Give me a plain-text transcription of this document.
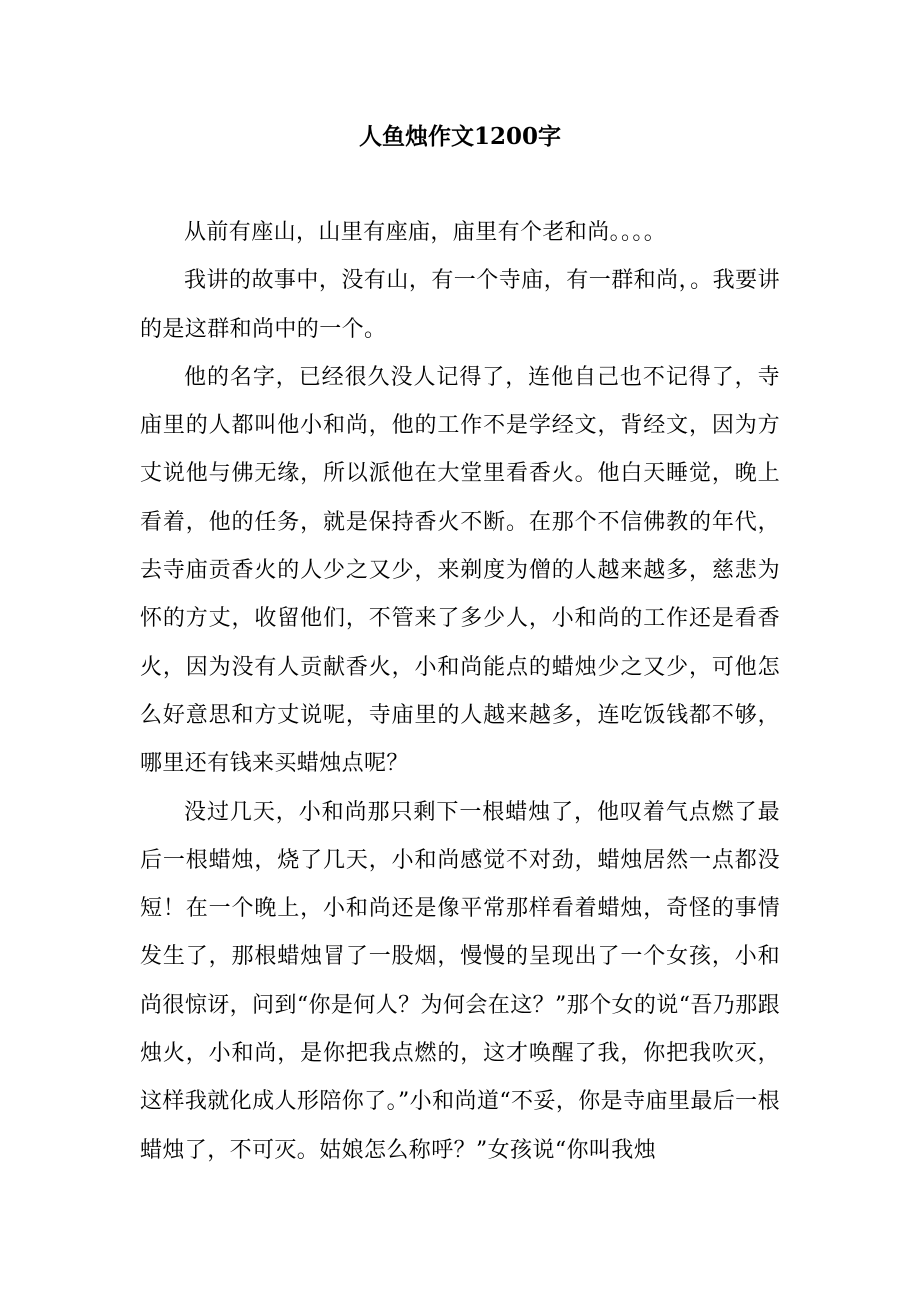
人鱼烛作文1200字

从前有座山，山里有座庙，庙里有个老和尚。。。。

我讲的故事中，没有山，有一个寺庙，有一群和尚，。我要讲的是这群和尚中的一个。

他的名字，已经很久没人记得了，连他自己也不记得了，寺庙里的人都叫他小和尚，他的工作不是学经文，背经文，因为方丈说他与佛无缘，所以派他在大堂里看香火。他白天睡觉，晚上看着，他的任务，就是保持香火不断。在那个不信佛教的年代，去寺庙贡香火的人少之又少，来剃度为僧的人越来越多，慈悲为怀的方丈，收留他们，不管来了多少人，小和尚的工作还是看香火，因为没有人贡献香火，小和尚能点的蜡烛少之又少，可他怎么好意思和方丈说呢，寺庙里的人越来越多，连吃饭钱都不够，哪里还有钱来买蜡烛点呢？

没过几天，小和尚那只剩下一根蜡烛了，他叹着气点燃了最后一根蜡烛，烧了几天，小和尚感觉不对劲，蜡烛居然一点都没短！在一个晚上，小和尚还是像平常那样看着蜡烛，奇怪的事情发生了，那根蜡烛冒了一股烟，慢慢的呈现出了一个女孩，小和尚很惊讶，问到“你是何人？为何会在这？”那个女的说“吾乃那跟烛火，小和尚，是你把我点燃的，这才唤醒了我，你把我吹灭，这样我就化成人形陪你了。”小和尚道“不妥，你是寺庙里最后一根蜡烛了，不可灭。姑娘怎么称呼？”女孩说“你叫我烛
